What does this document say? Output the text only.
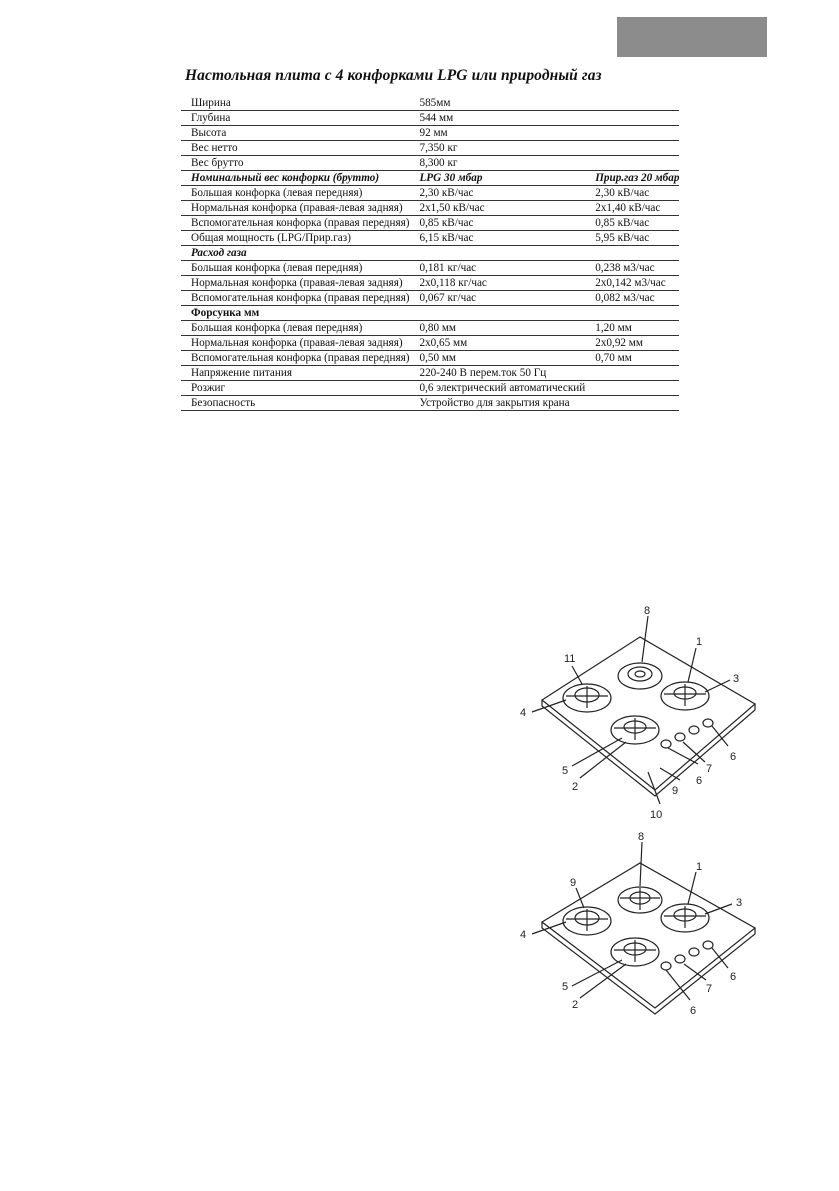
Настольная плита с 4 конфорками LPG или природный газ
Ширина	585мм	
Глубина	544 мм	
Высота	92 мм	
Вес нетто	7,350 кг	
Вес брутто	8,300 кг	
Номинальный вес конфорки (брутто)	LPG 30 мбар	Прир.газ 20 мбар
Большая конфорка (левая передняя)	2,30 кВ/час	2,30 кВ/час
Нормальная конфорка (правая-левая задняя)	2x1,50 кВ/час	2x1,40 кВ/час
Вспомогательная конфорка (правая передняя)	0,85 кВ/час	0,85 кВ/час
Общая мощность (LPG/Прир.газ)	6,15 кВ/час	5,95 кВ/час
Расход газа		
Большая конфорка (левая передняя)	0,181 кг/час	0,238 м3/час
Нормальная конфорка (правая-левая задняя)	2x0,118 кг/час	2x0,142 м3/час
Вспомогательная конфорка (правая передняя)	0,067 кг/час	0,082 м3/час
Форсунка мм		
Большая конфорка (левая передняя)	0,80 мм	1,20 мм
Нормальная конфорка (правая-левая задняя)	2x0,65 мм	2x0,92 мм
Вспомогательная конфорка (правая передняя)	0,50 мм	0,70 мм
Напряжение питания	220-240 В перем.ток 50 Гц	
Розжиг	0,6 электрический автоматический	
Безопасность	Устройство для закрытия крана	
8
1
11
3
4
6
7
5
6
2	9
10
8
9
1
3
4
6
5	7
2	6
